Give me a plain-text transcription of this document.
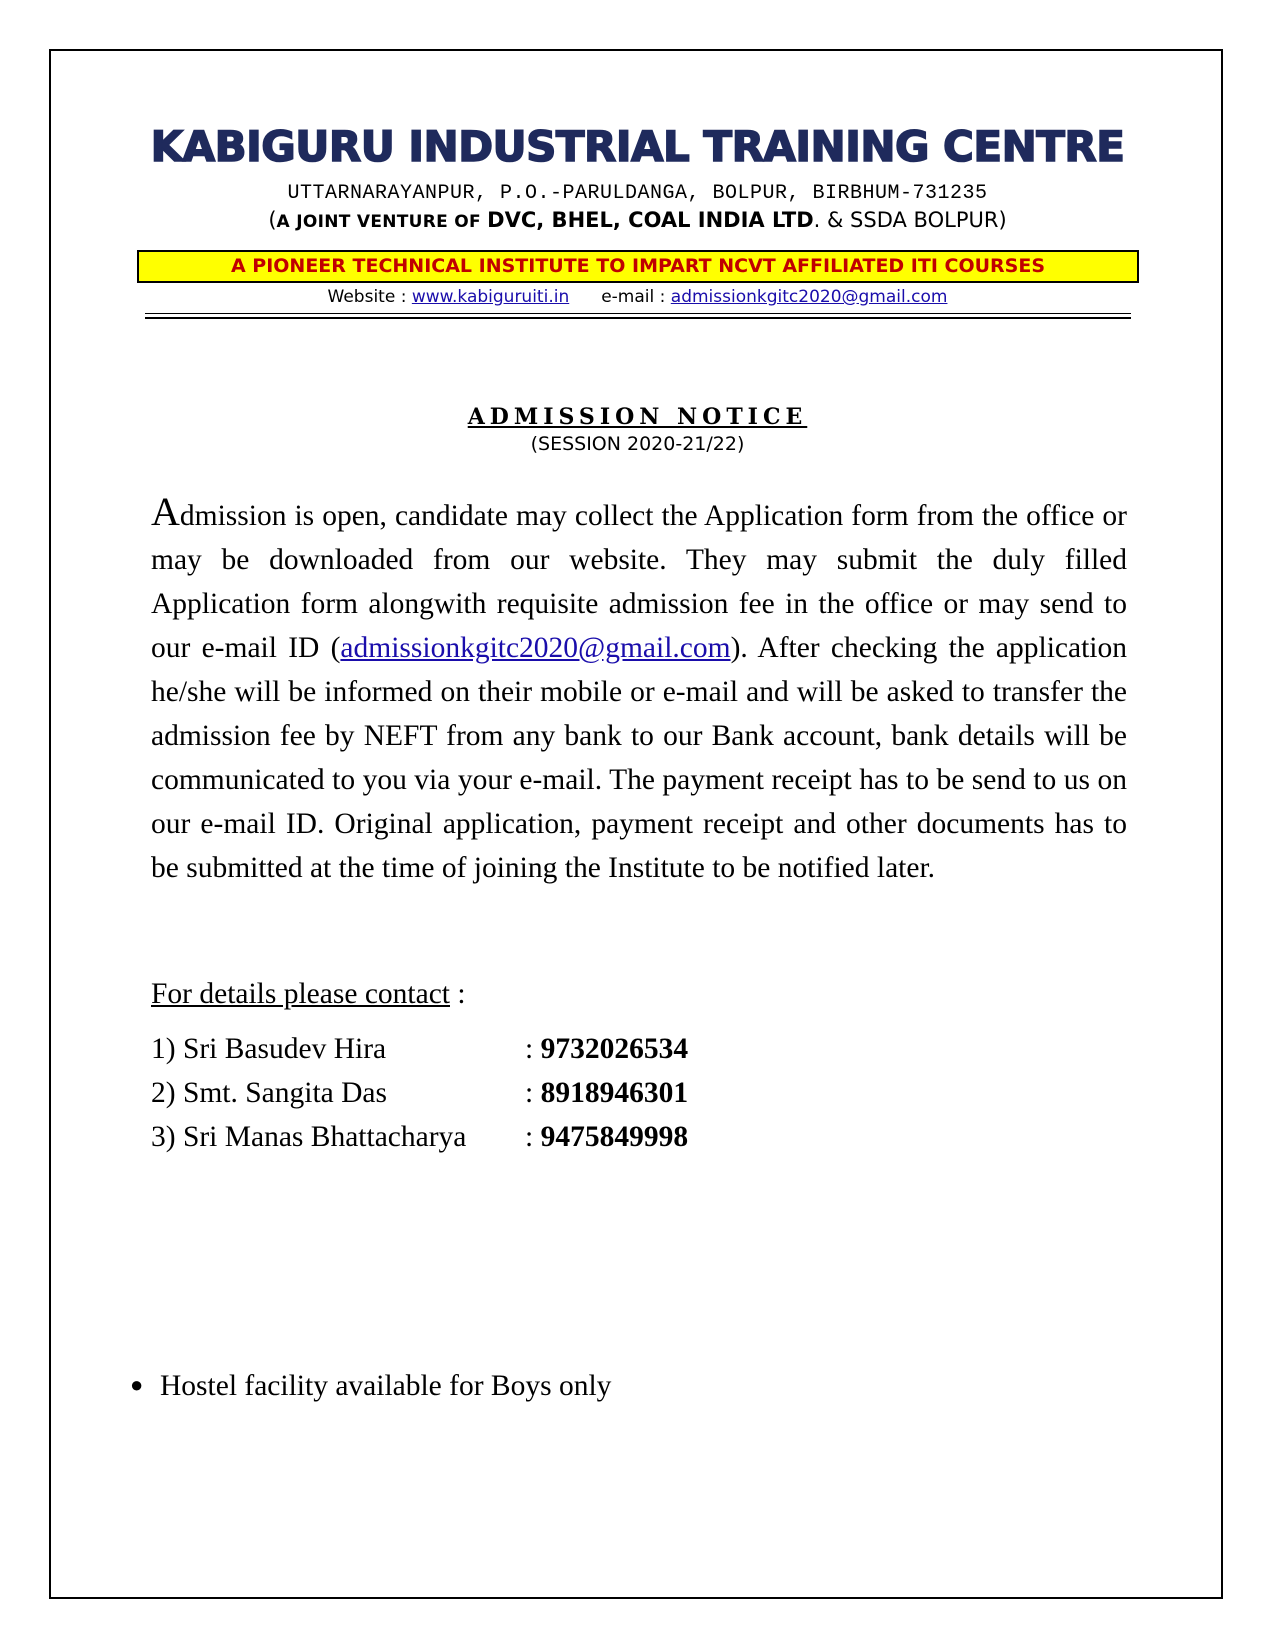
KABIGURU INDUSTRIAL TRAINING CENTRE
UTTARNARAYANPUR, P.O.-PARULDANGA, BOLPUR, BIRBHUM-731235
(A JOINT VENTURE OF DVC, BHEL, COAL INDIA LTD. & SSDA BOLPUR)
A PIONEER TECHNICAL INSTITUTE TO IMPART NCVT AFFILIATED ITI COURSES
Website : www.kabiguruiti.in e-mail : admissionkgitc2020@gmail.com
ADMISSION NOTICE
(SESSION 2020-21/22)
Admission is open, candidate may collect the Application form from the office or may be downloaded from our website. They may submit the duly filled Application form alongwith requisite admission fee in the office or may send to our e-mail ID (admissionkgitc2020@gmail.com). After checking the application he/she will be informed on their mobile or e-mail and will be asked to transfer the admission fee by NEFT from any bank to our Bank account, bank details will be communicated to you via your e-mail. The payment receipt has to be send to us on our e-mail ID. Original application, payment receipt and other documents has to be submitted at the time of joining the Institute to be notified later.
For details please contact :
1) Sri Basudev Hira	: 9732026534
2) Smt. Sangita Das	: 8918946301
3) Sri Manas Bhattacharya : 9475849998
● Hostel facility available for Boys only
